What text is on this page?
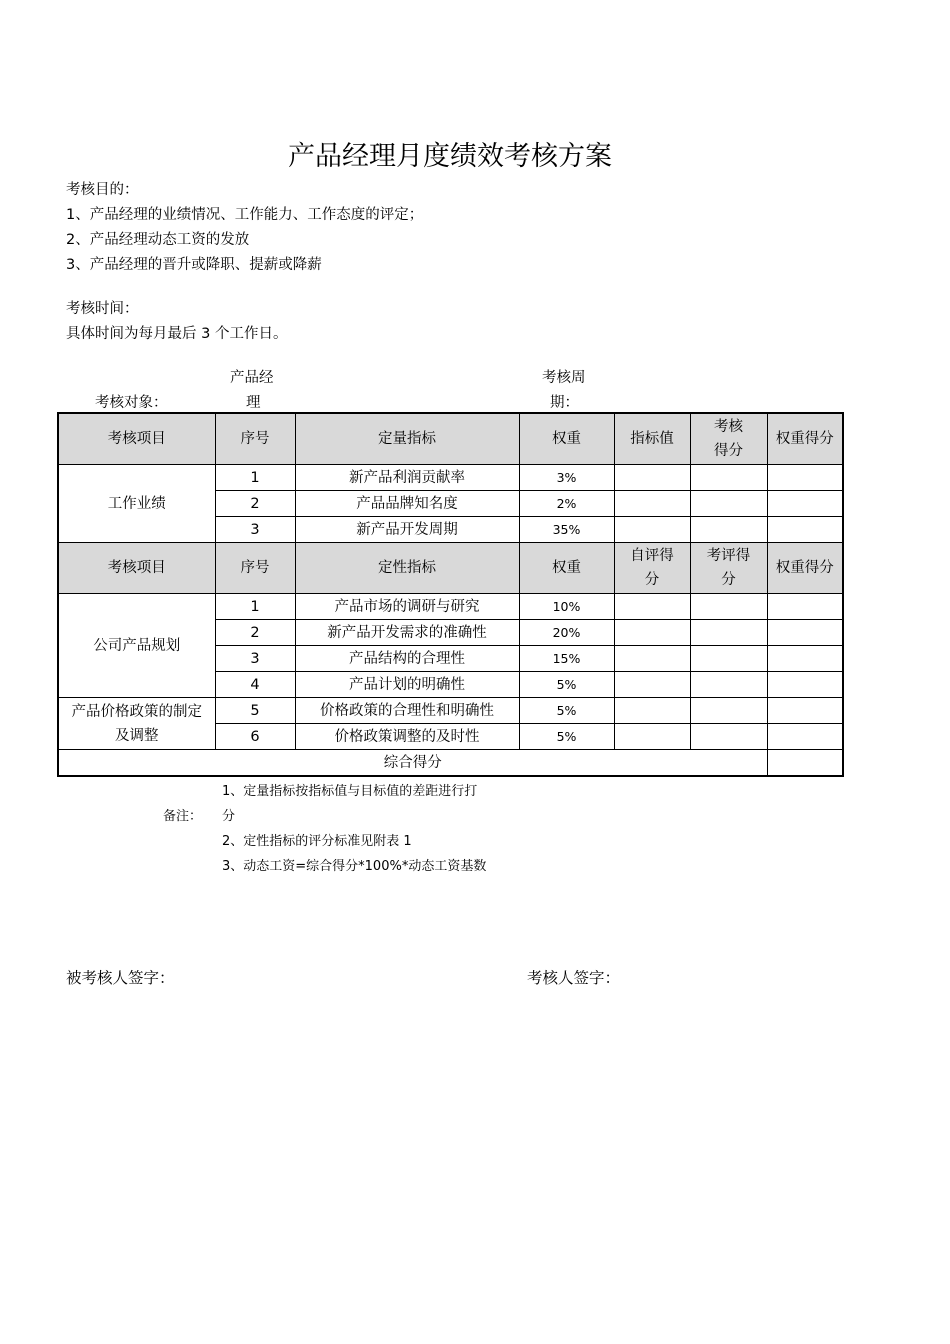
产品经理月度绩效考核方案
考核目的：
1、产品经理的业绩情况、工作能力、工作态度的评定；
2、产品经理动态工资的发放
3、产品经理的晋升或降职、提薪或降薪
考核时间：
具体时间为每月最后 3 个工作日。
产品经
考核对象：	理
考核周
期：
考核项目	序号	定量指标	权重	指标值	考核得分	权重得分
工作业绩	1	新产品利润贡献率	3%			
	2	产品品牌知名度	2%			
	3	新产品开发周期	35%			
考核项目	序号	定性指标	权重	自评得分	考评得分	权重得分
公司产品规划	1	产品市场的调研与研究	10%			
	2	新产品开发需求的准确性	20%			
	3	产品结构的合理性	15%			
	4	产品计划的明确性	5%			
产品价格政策的制定及调整	5	价格政策的合理性和明确性	5%			
	6	价格政策调整的及时性	5%			
综合得分						
1、定量指标按指标值与目标值的差距进行打
备注： 分
2、定性指标的评分标准见附表 1
3、动态工资=综合得分*100%*动态工资基数
被考核人签字：	考核人签字：
